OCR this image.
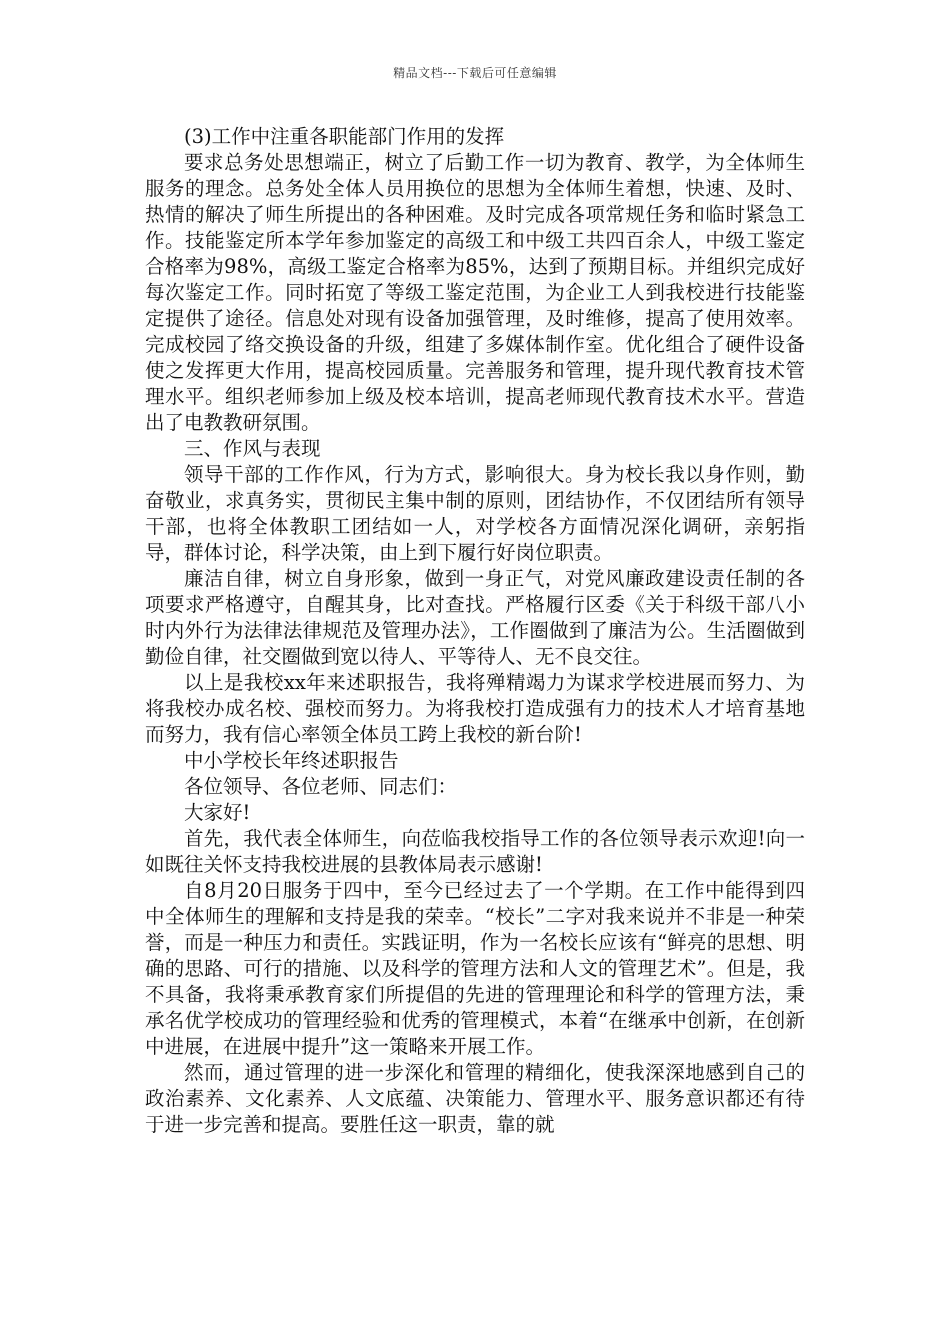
精品文档---下载后可任意编辑

(3)工作中注重各职能部门作用的发挥

要求总务处思想端正，树立了后勤工作一切为教育、教学，为全体师生服务的理念。总务处全体人员用换位的思想为全体师生着想，快速、及时、热情的解决了师生所提出的各种困难。及时完成各项常规任务和临时紧急工作。技能鉴定所本学年参加鉴定的高级工和中级工共四百余人，中级工鉴定合格率为98%，高级工鉴定合格率为85%，达到了预期目标。并组织完成好每次鉴定工作。同时拓宽了等级工鉴定范围，为企业工人到我校进行技能鉴定提供了途径。信息处对现有设备加强管理，及时维修，提高了使用效率。完成校园了络交换设备的升级，组建了多媒体制作室。优化组合了硬件设备使之发挥更大作用，提高校园质量。完善服务和管理，提升现代教育技术管理水平。组织老师参加上级及校本培训，提高老师现代教育技术水平。营造出了电教教研氛围。

三、作风与表现

领导干部的工作作风，行为方式，影响很大。身为校长我以身作则，勤奋敬业，求真务实，贯彻民主集中制的原则，团结协作，不仅团结所有领导干部，也将全体教职工团结如一人，对学校各方面情况深化调研，亲躬指导，群体讨论，科学决策，由上到下履行好岗位职责。

廉洁自律，树立自身形象，做到一身正气，对党风廉政建设责任制的各项要求严格遵守，自醒其身，比对查找。严格履行区委《关于科级干部八小时内外行为法律法律规范及管理办法》，工作圈做到了廉洁为公。生活圈做到勤俭自律，社交圈做到宽以待人、平等待人、无不良交往。

以上是我校xx年来述职报告，我将殚精竭力为谋求学校进展而努力、为将我校办成名校、强校而努力。为将我校打造成强有力的技术人才培育基地而努力，我有信心率领全体员工跨上我校的新台阶!

中小学校长年终述职报告

各位领导、各位老师、同志们：

大家好!

首先，我代表全体师生，向莅临我校指导工作的各位领导表示欢迎!向一如既往关怀支持我校进展的县教体局表示感谢!

自8月20日服务于四中，至今已经过去了一个学期。在工作中能得到四中全体师生的理解和支持是我的荣幸。“校长”二字对我来说并不非是一种荣誉，而是一种压力和责任。实践证明，作为一名校长应该有“鲜亮的思想、明确的思路、可行的措施、以及科学的管理方法和人文的管理艺术”。但是，我不具备，我将秉承教育家们所提倡的先进的管理理论和科学的管理方法，秉承名优学校成功的管理经验和优秀的管理模式，本着“在继承中创新，在创新中进展，在进展中提升”这一策略来开展工作。

然而，通过管理的进一步深化和管理的精细化，使我深深地感到自己的政治素养、文化素养、人文底蕴、决策能力、管理水平、服务意识都还有待于进一步完善和提高。要胜任这一职责，靠的就
